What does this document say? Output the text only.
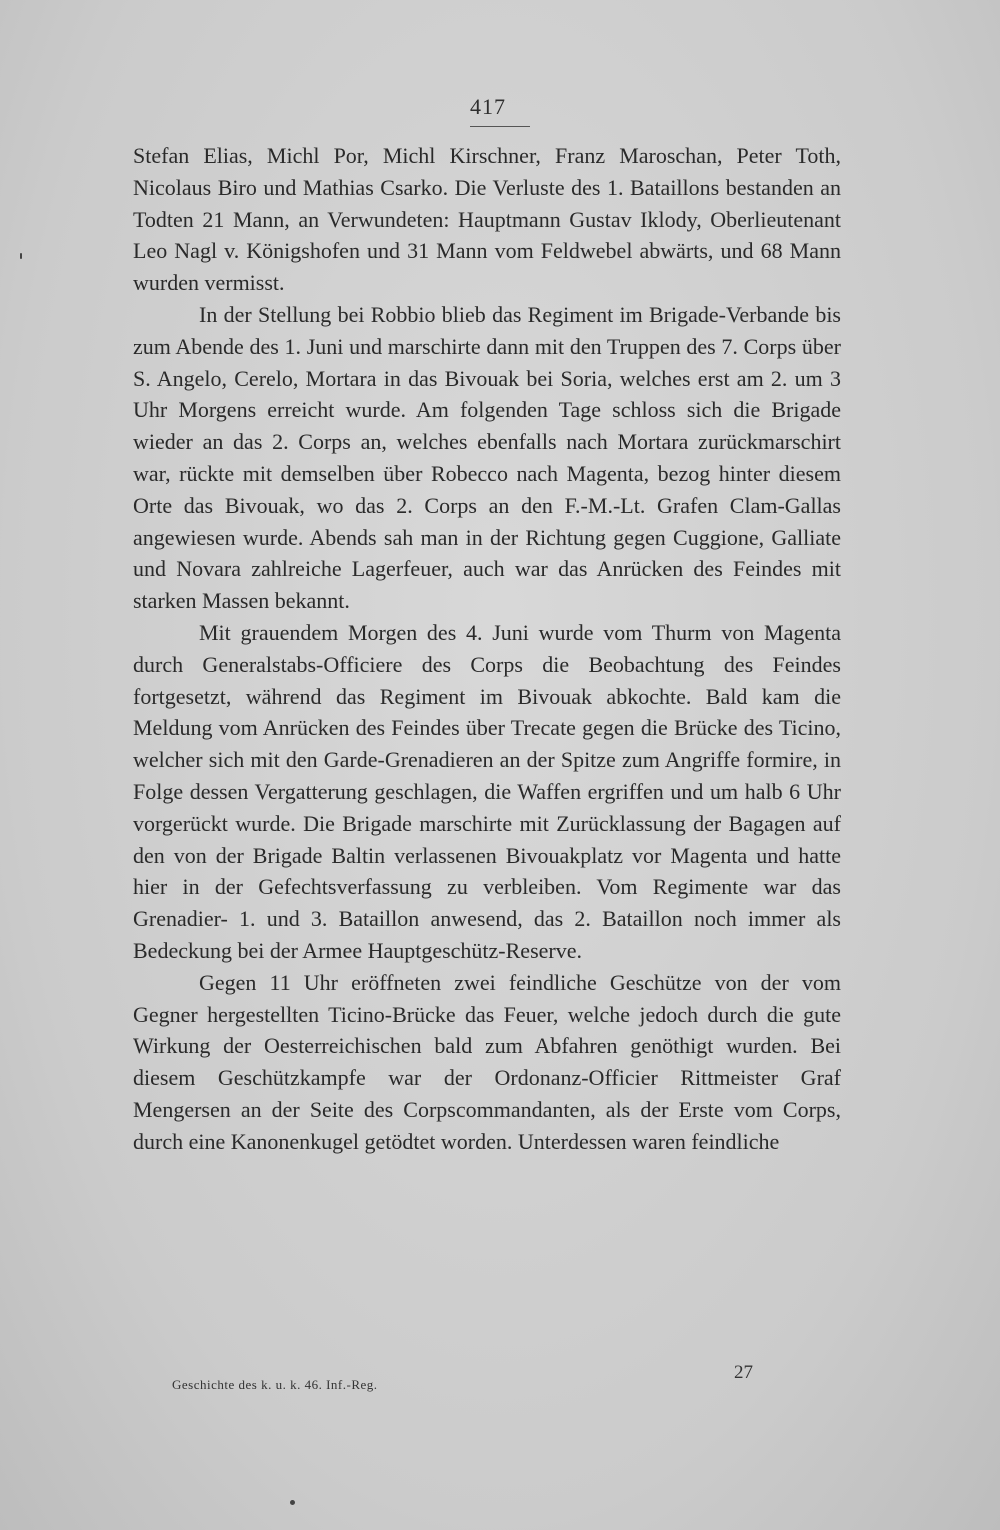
417

Stefan Elias, Michl Por, Michl Kirschner, Franz Maroschan, Peter Toth, Nicolaus Biro und Mathias Csarko. Die Verluste des 1. Bataillons bestanden an Todten 21 Mann, an Verwundeten: Hauptmann Gustav Iklody, Oberlieutenant Leo Nagl v. Königshofen und 31 Mann vom Feldwebel abwärts, und 68 Mann wurden vermisst.

In der Stellung bei Robbio blieb das Regiment im Brigade-Verbande bis zum Abende des 1. Juni und marschirte dann mit den Truppen des 7. Corps über S. Angelo, Cerelo, Mortara in das Bivouak bei Soria, welches erst am 2. um 3 Uhr Morgens erreicht wurde. Am folgenden Tage schloss sich die Brigade wieder an das 2. Corps an, welches ebenfalls nach Mortara zurückmarschirt war, rückte mit demselben über Robecco nach Magenta, bezog hinter diesem Orte das Bivouak, wo das 2. Corps an den F.-M.-Lt. Grafen Clam-Gallas angewiesen wurde. Abends sah man in der Richtung gegen Cuggione, Galliate und Novara zahlreiche Lagerfeuer, auch war das Anrücken des Feindes mit starken Massen bekannt.

Mit grauendem Morgen des 4. Juni wurde vom Thurm von Magenta durch Generalstabs-Officiere des Corps die Beobachtung des Feindes fortgesetzt, während das Regiment im Bivouak abkochte. Bald kam die Meldung vom Anrücken des Feindes über Trecate gegen die Brücke des Ticino, welcher sich mit den Garde-Grenadieren an der Spitze zum Angriffe formire, in Folge dessen Vergatterung geschlagen, die Waffen ergriffen und um halb 6 Uhr vorgerückt wurde. Die Brigade marschirte mit Zurücklassung der Bagagen auf den von der Brigade Baltin verlassenen Bivouakplatz vor Magenta und hatte hier in der Gefechtsverfassung zu verbleiben. Vom Regimente war das Grenadier- 1. und 3. Bataillon anwesend, das 2. Bataillon noch immer als Bedeckung bei der Armee Hauptgeschütz-Reserve.

Gegen 11 Uhr eröffneten zwei feindliche Geschütze von der vom Gegner hergestellten Ticino-Brücke das Feuer, welche jedoch durch die gute Wirkung der Oesterreichischen bald zum Abfahren genöthigt wurden. Bei diesem Geschützkampfe war der Ordonanz-Officier Rittmeister Graf Mengersen an der Seite des Corpscommandanten, als der Erste vom Corps, durch eine Kanonenkugel getödtet worden. Unterdessen waren feindliche

Geschichte des k. u. k. 46. Inf.-Reg.
27
